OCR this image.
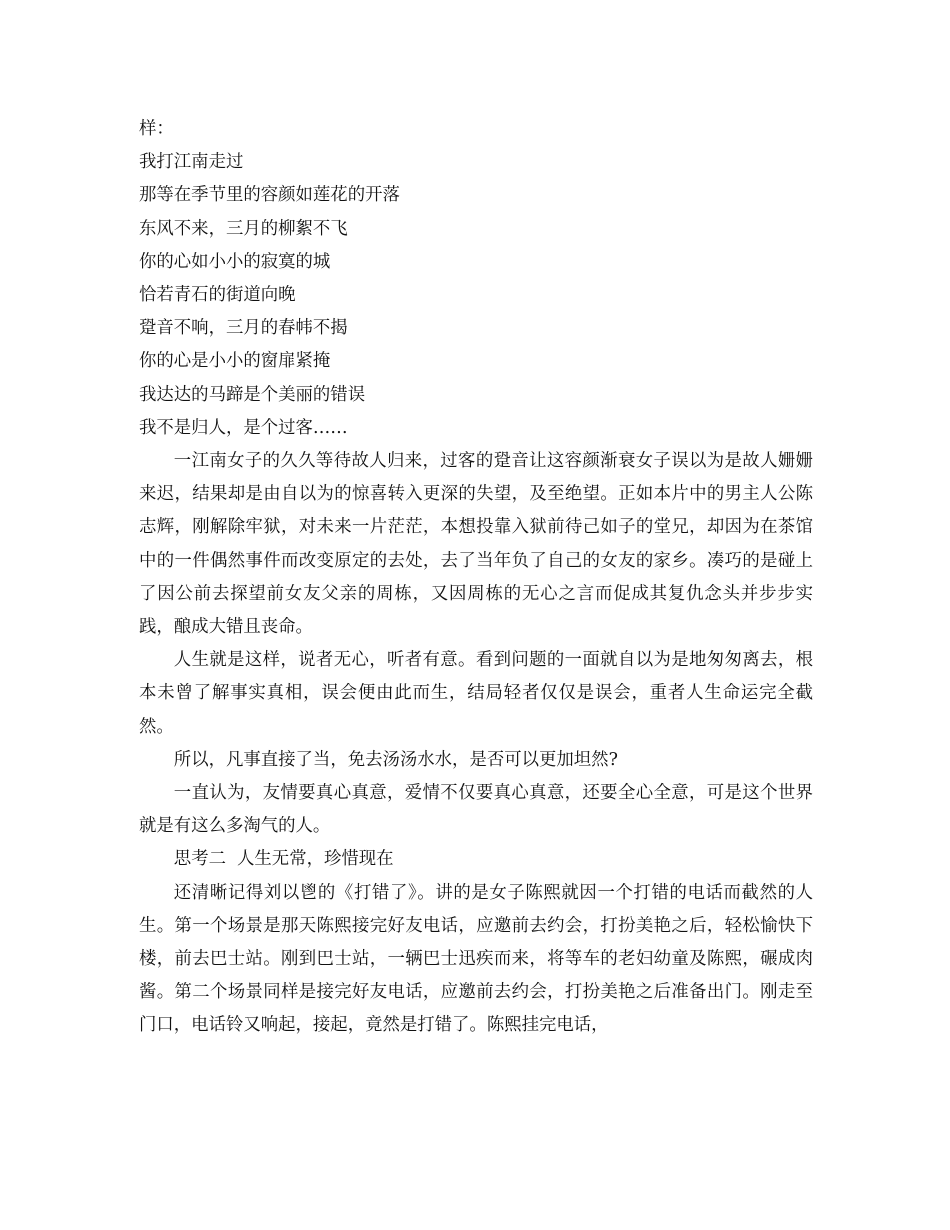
样：

我打江南走过

那等在季节里的容颜如莲花的开落

东风不来，三月的柳絮不飞

你的心如小小的寂寞的城

恰若青石的街道向晚

跫音不响，三月的春帏不揭

你的心是小小的窗扉紧掩

我达达的马蹄是个美丽的错误

我不是归人，是个过客……

一江南女子的久久等待故人归来，过客的跫音让这容颜渐衰女子误以为是故人姗姗来迟，结果却是由自以为的惊喜转入更深的失望，及至绝望。正如本片中的男主人公陈志辉，刚解除牢狱，对未来一片茫茫，本想投靠入狱前待己如子的堂兄，却因为在茶馆中的一件偶然事件而改变原定的去处，去了当年负了自己的女友的家乡。凑巧的是碰上了因公前去探望前女友父亲的周栋，又因周栋的无心之言而促成其复仇念头并步步实践，酿成大错且丧命。

人生就是这样，说者无心，听者有意。看到问题的一面就自以为是地匆匆离去，根本未曾了解事实真相，误会便由此而生，结局轻者仅仅是误会，重者人生命运完全截然。

所以，凡事直接了当，免去汤汤水水，是否可以更加坦然?

一直认为，友情要真心真意，爱情不仅要真心真意，还要全心全意，可是这个世界就是有这么多淘气的人。

思考二  人生无常，珍惜现在

还清晰记得刘以鬯的《打错了》。讲的是女子陈熙就因一个打错的电话而截然的人生。第一个场景是那天陈熙接完好友电话，应邀前去约会，打扮美艳之后，轻松愉快下楼，前去巴士站。刚到巴士站，一辆巴士迅疾而来，将等车的老妇幼童及陈熙，碾成肉酱。第二个场景同样是接完好友电话，应邀前去约会，打扮美艳之后准备出门。刚走至门口，电话铃又响起，接起，竟然是打错了。陈熙挂完电话，
